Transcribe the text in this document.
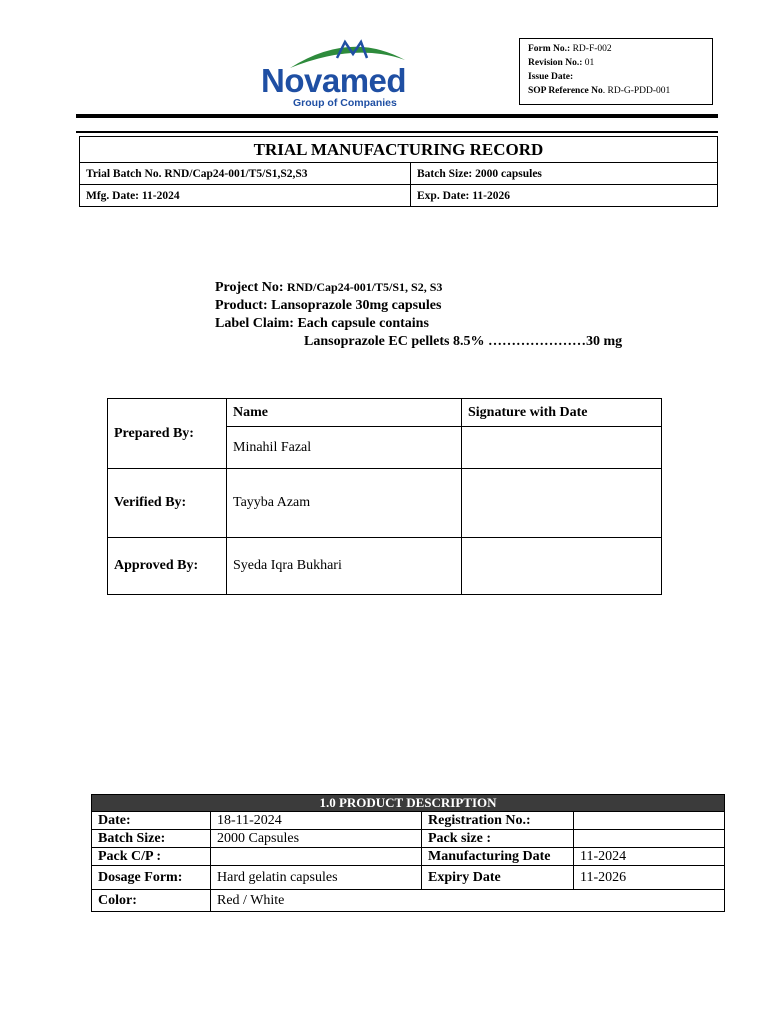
Novamed
Group of Companies
Form No.: RD-F-002
Revision No.: 01
Issue Date:
SOP Reference No. RD-G-PDD-001
TRIAL MANUFACTURING RECORD	
Trial Batch No. RND/Cap24-001/T5/S1,S2,S3	Batch Size: 2000 capsules
Mfg. Date: 11-2024	Exp. Date: 11-2026
Project No: RND/Cap24-001/T5/S1, S2, S3
Product: Lansoprazole 30mg capsules
Label Claim: Each capsule contains
Lansoprazole EC pellets 8.5% …………………30 mg
Prepared By:	Name	Signature with Date
	Minahil Fazal	
Verified By:	Tayyba Azam	
Approved By:	Syeda Iqra Bukhari	
1.0 PRODUCT DESCRIPTION			
Date:	18-11-2024	Registration No.:	
Batch Size:	2000 Capsules	Pack size :	
Pack C/P :		Manufacturing Date	11-2024
Dosage Form:	Hard gelatin capsules	Expiry Date	11-2026
Color:	Red / White		
